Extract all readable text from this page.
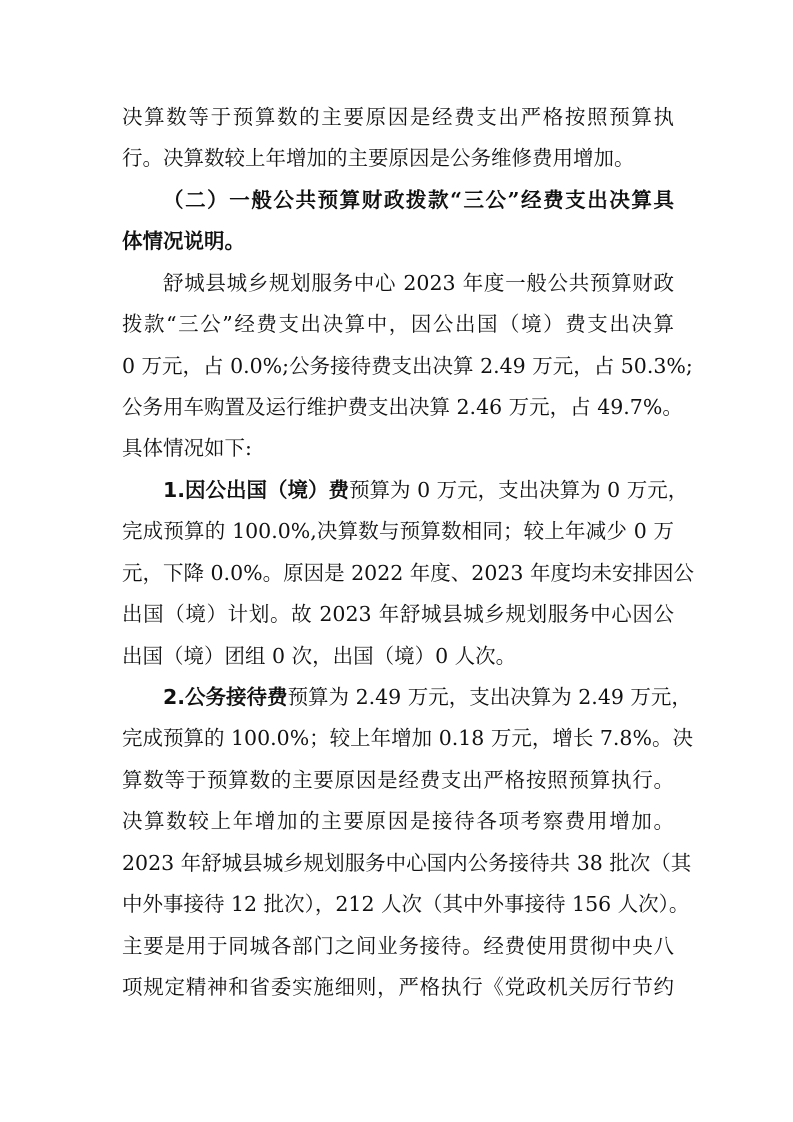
决算数等于预算数的主要原因是经费支出严格按照预算执
行。决算数较上年增加的主要原因是公务维修费用增加。
（二）一般公共预算财政拨款“三公”经费支出决算具
体情况说明。
舒城县城乡规划服务中心 2023 年度一般公共预算财政
拨款“三公”经费支出决算中，因公出国（境）费支出决算
0 万元，占 0.0%;公务接待费支出决算 2.49 万元，占 50.3%;
公务用车购置及运行维护费支出决算 2.46 万元，占 49.7%。
具体情况如下:
1.因公出国（境）费预算为 0 万元，支出决算为 0 万元，
完成预算的 100.0%,决算数与预算数相同；较上年减少 0 万
元，下降 0.0%。原因是 2022 年度、2023 年度均未安排因公
出国（境）计划。故 2023 年舒城县城乡规划服务中心因公
出国（境）团组 0 次，出国（境）0 人次。
2.公务接待费预算为 2.49 万元，支出决算为 2.49 万元，
完成预算的 100.0%；较上年增加 0.18 万元，增长 7.8%。决
算数等于预算数的主要原因是经费支出严格按照预算执行。
决算数较上年增加的主要原因是接待各项考察费用增加。
2023 年舒城县城乡规划服务中心国内公务接待共 38 批次（其
中外事接待 12 批次），212 人次（其中外事接待 156 人次）。
主要是用于同城各部门之间业务接待。经费使用贯彻中央八
项规定精神和省委实施细则，严格执行《党政机关厉行节约
